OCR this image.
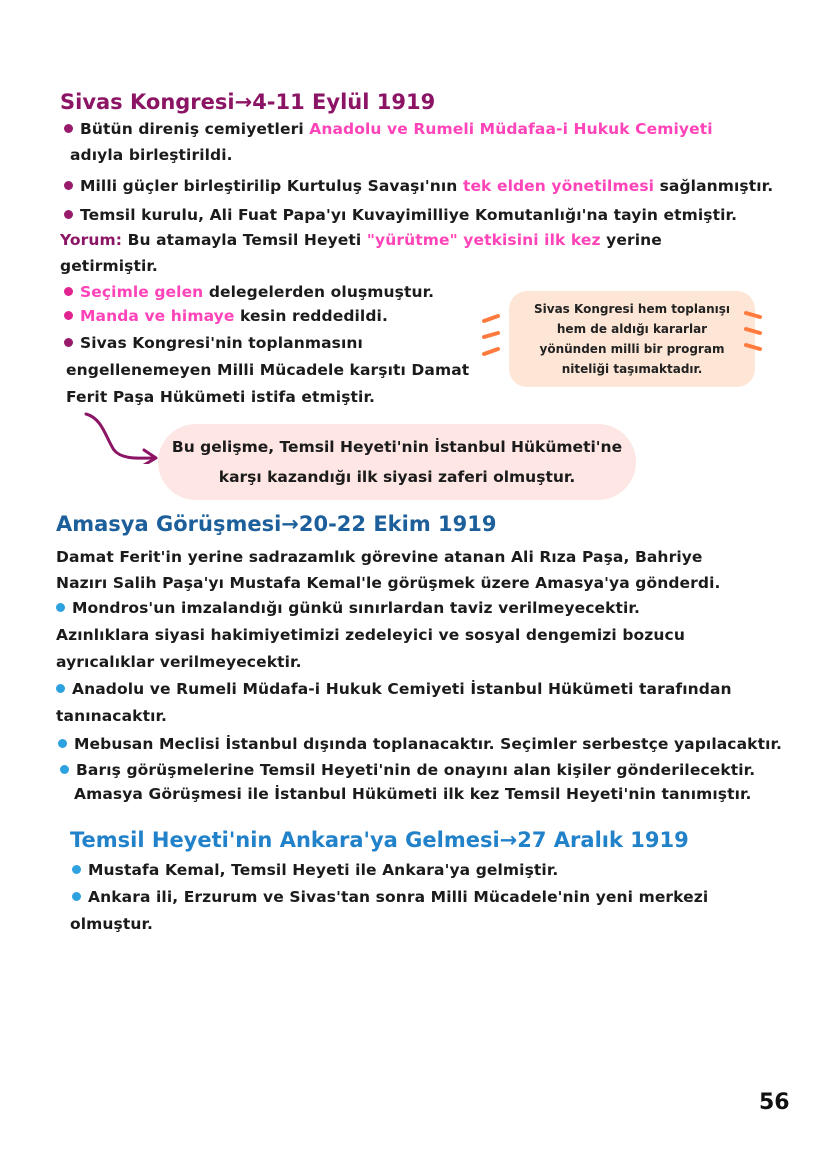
Sivas Kongresi→4-11 Eylül 1919
Bütün direniş cemiyetleri Anadolu ve Rumeli Müdafaa-i Hukuk Cemiyeti
adıyla birleştirildi.
Milli güçler birleştirilip Kurtuluş Savaşı'nın tek elden yönetilmesi sağlanmıştır.
Temsil kurulu, Ali Fuat Papa'yı Kuvayimilliye Komutanlığı'na tayin etmiştir.
Yorum: Bu atamayla Temsil Heyeti "yürütme" yetkisini ilk kez yerine
getirmiştir.
Seçimle gelen delegelerden oluşmuştur.
Manda ve himaye kesin reddedildi.
Sivas Kongresi'nin toplanmasını
engellenemeyen Milli Mücadele karşıtı Damat
Ferit Paşa Hükümeti istifa etmiştir.
Sivas Kongresi hem toplanışı
hem de aldığı kararlar
yönünden milli bir program
niteliği taşımaktadır.
Bu gelişme, Temsil Heyeti'nin İstanbul Hükümeti'ne
karşı kazandığı ilk siyasi zaferi olmuştur.
Amasya Görüşmesi→20-22 Ekim 1919
Damat Ferit'in yerine sadrazamlık görevine atanan Ali Rıza Paşa, Bahriye
Nazırı Salih Paşa'yı Mustafa Kemal'le görüşmek üzere Amasya'ya gönderdi.
Mondros'un imzalandığı günkü sınırlardan taviz verilmeyecektir.
Azınlıklara siyasi hakimiyetimizi zedeleyici ve sosyal dengemizi bozucu
ayrıcalıklar verilmeyecektir.
Anadolu ve Rumeli Müdafa-i Hukuk Cemiyeti İstanbul Hükümeti tarafından
tanınacaktır.
Mebusan Meclisi İstanbul dışında toplanacaktır. Seçimler serbestçe yapılacaktır.
Barış görüşmelerine Temsil Heyeti'nin de onayını alan kişiler gönderilecektir.
Amasya Görüşmesi ile İstanbul Hükümeti ilk kez Temsil Heyeti'nin tanımıştır.
Temsil Heyeti'nin Ankara'ya Gelmesi→27 Aralık 1919
Mustafa Kemal, Temsil Heyeti ile Ankara'ya gelmiştir.
Ankara ili, Erzurum ve Sivas'tan sonra Milli Mücadele'nin yeni merkezi
olmuştur.
56
